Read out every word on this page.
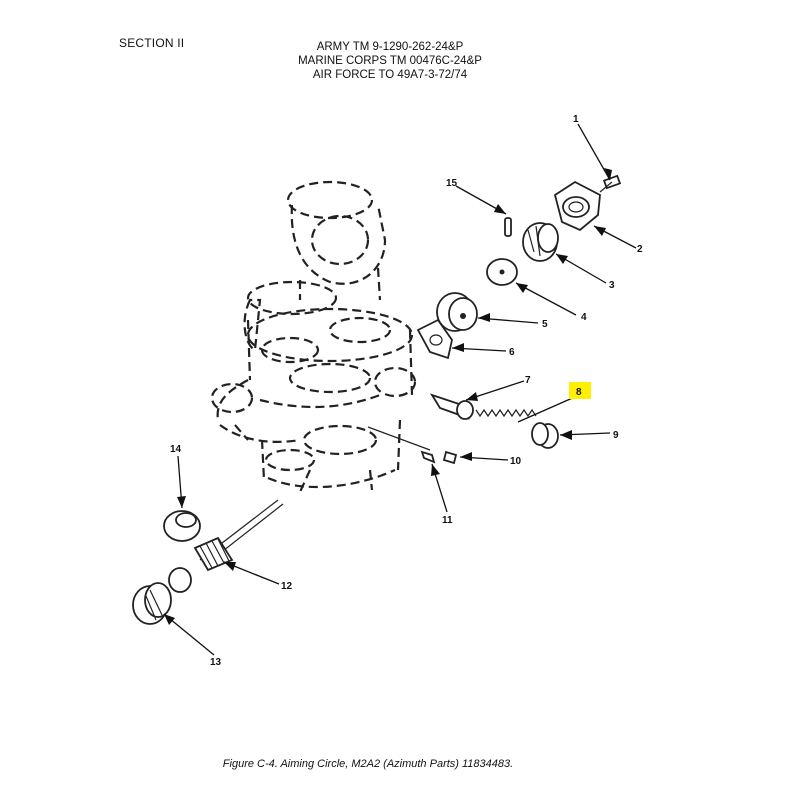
SECTION II	ARMY TM 9-1290-262-24&P
MARINE CORPS TM 00476C-24&P
AIR FORCE TO 49A7-3-72/74
1
2
3
4
5
6
7
8
9
10
11
12
13
14
15
Figure C-4. Aiming Circle, M2A2 (Azimuth Parts) 11834483.
